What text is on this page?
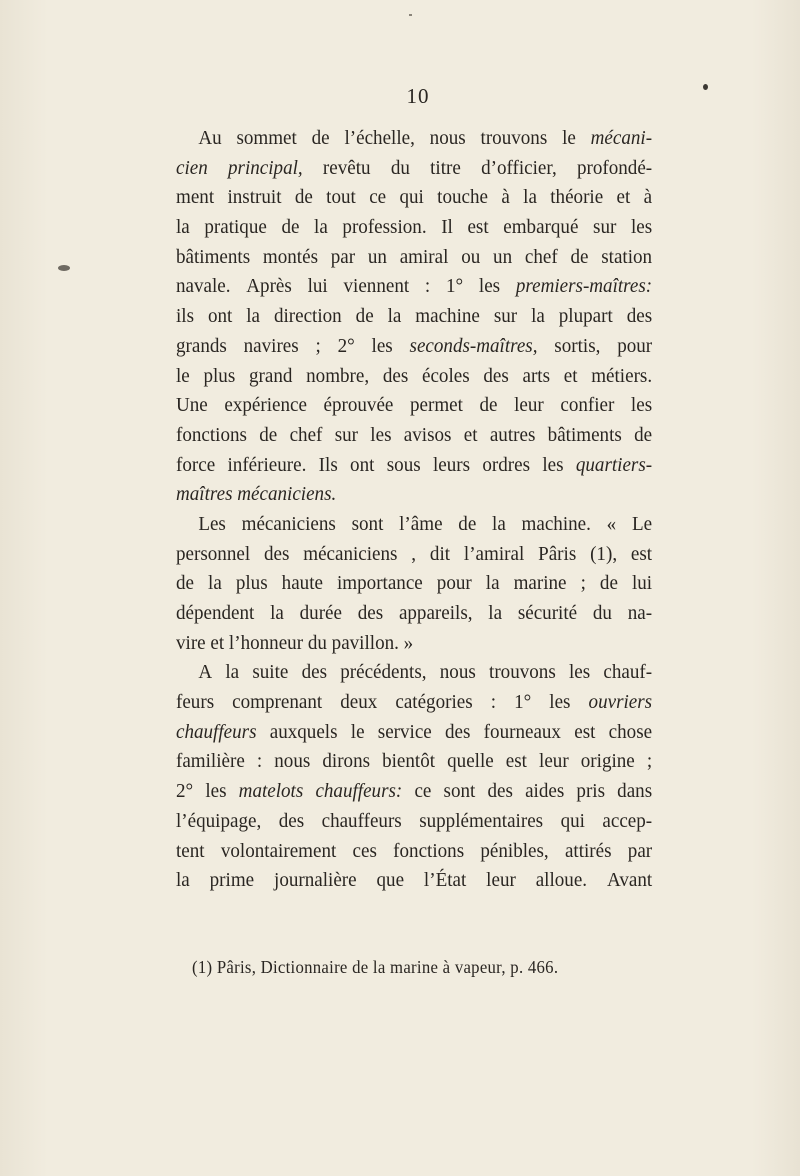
10
Au sommet de l’échelle, nous trouvons le mécani-
cien principal, revêtu du titre d’officier, profondé-
ment instruit de tout ce qui touche à la théorie et à
la pratique de la profession. Il est embarqué sur les
bâtiments montés par un amiral ou un chef de station
navale. Après lui viennent : 1° les premiers-maîtres:
ils ont la direction de la machine sur la plupart des
grands navires ; 2° les seconds-maîtres, sortis, pour
le plus grand nombre, des écoles des arts et métiers.
Une expérience éprouvée permet de leur confier les
fonctions de chef sur les avisos et autres bâtiments de
force inférieure. Ils ont sous leurs ordres les quartiers-
maîtres
mécaniciens.
Les mécaniciens sont l’âme de la machine. « Le
personnel des mécaniciens , dit l’amiral Pâris (1), est
de la plus haute importance pour la marine ; de lui
dépendent la durée des appareils, la sécurité du na-
vire
et
l’honneur
du
pavillon.
»
A la suite des précédents, nous trouvons les chauf-
feurs comprenant deux catégories : 1° les ouvriers
chauffeurs auxquels le service des fourneaux est chose
familière : nous dirons bientôt quelle est leur origine ;
2° les matelots chauffeurs: ce sont des aides pris dans
l’équipage, des chauffeurs supplémentaires qui accep-
tent volontairement ces fonctions pénibles, attirés par
la prime journalière que l’État leur alloue. Avant
(1) Pâris, Dictionnaire de la marine à vapeur, p. 466.
